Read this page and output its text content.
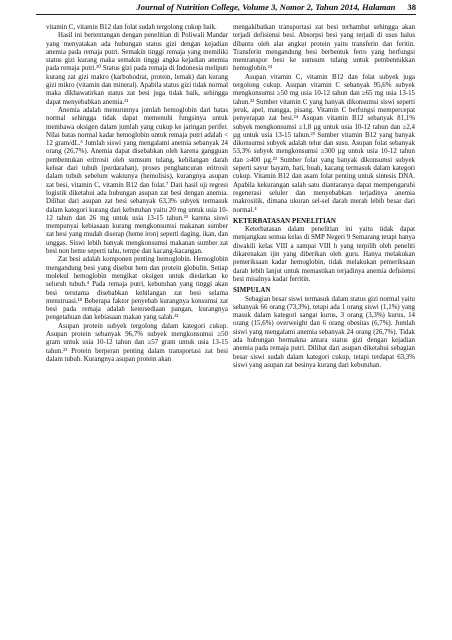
Journal of Nutrition College, Volume 3, Nomor 2, Tahun 2014, Halaman 38

vitamin C, vitamin B12 dan folat sudah tergolong cukup baik.

Hasil ini bertentangan dengan penelitian di Poliwali Mandar yang menyatakan ada hubungan status gizi dengan kejadian anemia pada remaja putri. Semakin tinggi remaja yang memiliki status gizi kurang maka semakin tinggi angka kejadian anemia pada remaja putri.²⁰ Status gizi pada remaja di Indonesia meliputi kurang zat gizi makro (karbohodrat, protein, lemak) dan kurang gizi mikro (vitamin dan mineral). Apabila status gizi tidak normal maka dikhawatirkan status zat besi juga tidak baik, sehingga dapat menyebabkan anemia.²¹

Anemia adalah menurunnya jumlah hemoglobin dari batas normal sehingga tidak dapat memenuhi fungsinya untuk membawa oksigen dalam jumlah yang cukup ke jaringan perifer. Nilai batas normal kadar hemoglobin untuk remaja putri adalah < 12 gram/dL.⁵ Jumlah siswi yang mengalami anemia sebanyak 24 orang (26,7%). Anemia dapat disebabkan oleh karena gangguan pembentukan eritrosit oleh sumsum tulang, kehilangan darah keluar dari tubuh (perdarahan), proses penghancuran eritrosit dalam tubuh sebelum waktunya (hemolisis), kurangnya asupan zat besi, vitamin C, vitamin B12 dan folat.⁷ Dari hasil uji regresi logistik diketahui ada hubungan asupan zat besi dengan anemia. Dilihat dari asupan zat besi sebanyak 63,3% subyek termasuk dalam kategori kurang dari kebutuhan yaitu 20 mg untuk usia 10-12 tahun dan 26 mg untuk usia 13-15 tahun.²³ karena siswi mempunyai kebiasaan kurang mengkonsumsi makanan sumber zat besi yang mudah diserap (heme iron) seperti daging, ikan, dan unggas. Siswi lebih banyak mengkonsumsi makanan sumber zat besi non heme seperti tahu, tempe dan kacang-kacangan.

Zat besi adalah komponen penting hemoglobin. Hemoglobin mengandung besi yang disebut hem dan protein globulin. Setiap molekul hemoglobin mengikat oksigen untuk diedarkan ke seluruh tubuh.⁴ Pada remaja putri, kebutuhan yang tinggi akan besi terutama disebabkan kehilangan zat besi selama menstruasi.¹⁸ Beberapa faktor penyebab kurangnya konsumsi zat besi pada remaja adalah ketersediaan pangan, kurangnya pengetahuan dan kebiasaan makan yang salah.²²

Asupan protein subyek tergolong dalam kategori cukup. Asupan protein sebanyak 96,7% subyek mengkonsumsi ≥50 gram untuk usia 10-12 tahun dan ≥57 gram untuk usia 13-15 tahun.²³ Protein berperan penting dalam transportasi zat besi dalam tubuh. Kurangnya asupan protein akan

mengakibatkan transportasi zat besi terhambat sehingga akan terjadi defisiensi besi. Absorpsi besi yang terjadi di usus halus dibantu oleh alat angkut protein yaitu transferin dan feritin. Transferin mengandung besi berbentuk ferro yang berfungsi mentranspor besi ke sumsum tulang untuk pembentukkan hemoglobin.²⁴

Asupan vitamin C, vitamin B12 dan folat subyek juga tergolong cukup. Asupan vitamin C sebanyak 95,6% subyek mengkonsumsi ≥50 mg usia 10-12 tahun dan ≥65 mg usia 13-15 tahun.²³ Sumber vitamin C yang banyak dikonsumsi siswi seperti jeruk, apel, mangga, pisang. Vitamin C berfungsi mempercepat penyerapan zat besi.²⁴ Asupan vitamin B12 sebanyak 81,1% subyek mengkonsumsi ≥1,8 µg untuk usia 10-12 tahun dan ≥2,4 µg untuk usia 13-15 tahun.²³ Sumber vitamin B12 yang banyak dikonsumsi subyek adalah telur dan susu. Asupan folat sebanyak 53,3% subyek mengkonsumsi ≥300 µg untuk usia 10-12 tahun dan ≥400 µg.²³ Sumber folat yang banyak dikonsumsi subyek seperti sayur bayam, hati, buah, kacang termasuk dalam kategori cukup. Vitamin B12 dan asam folat penting untuk sintesis DNA. Apabila kekurangan salah satu diantaranya dapat mempengaruhi regenerasi seluler dan menyebabkan terjadinya anemia makrositik, dimana ukuran sel-sel darah merah lebih besar dari normal.⁴

KETERBATASAN PENELITIAN

Keterbatasan dalam penelitian ini yaitu tidak dapat menjangkau semua kelas di SMP Negeri 9 Semarang tetapi hanya diwakili kelas VIII a sampai VIII h yang terpilih oleh peneliti dikarenakan ijin yang diberikan oleh guru. Hanya melakukan pemeriksaan kadar hemoglobin, tidak melakukan pemeriksaan darah lebih lanjut untuk memastikan terjadinya anemia defisiensi besi misalnya kadar ferritin.

SIMPULAN

Sebagian besar siswi termasuk dalam status gizi normal yaitu sebanyak 66 orang (73,3%), tetapi ada 1 orang siswi (1,1%) yang masuk dalam kategori sangat kurus, 3 orang (3,3%) kurus, 14 orang (15,6%) overweight dan 6 orang obesitas (6,7%). Jumlah siswi yang mengalami anemia sebanyak 24 orang (26,7%). Tidak ada hubungan bermakna antara status gizi dengan kejadian anemia pada remaja putri. Dilihat dari asupan diketahui sebagian besar siswi sudah dalam kategori cukup, tetapi terdapat 63,3% siswi yang asupan zat besinya kurang dari kebutuhan.
